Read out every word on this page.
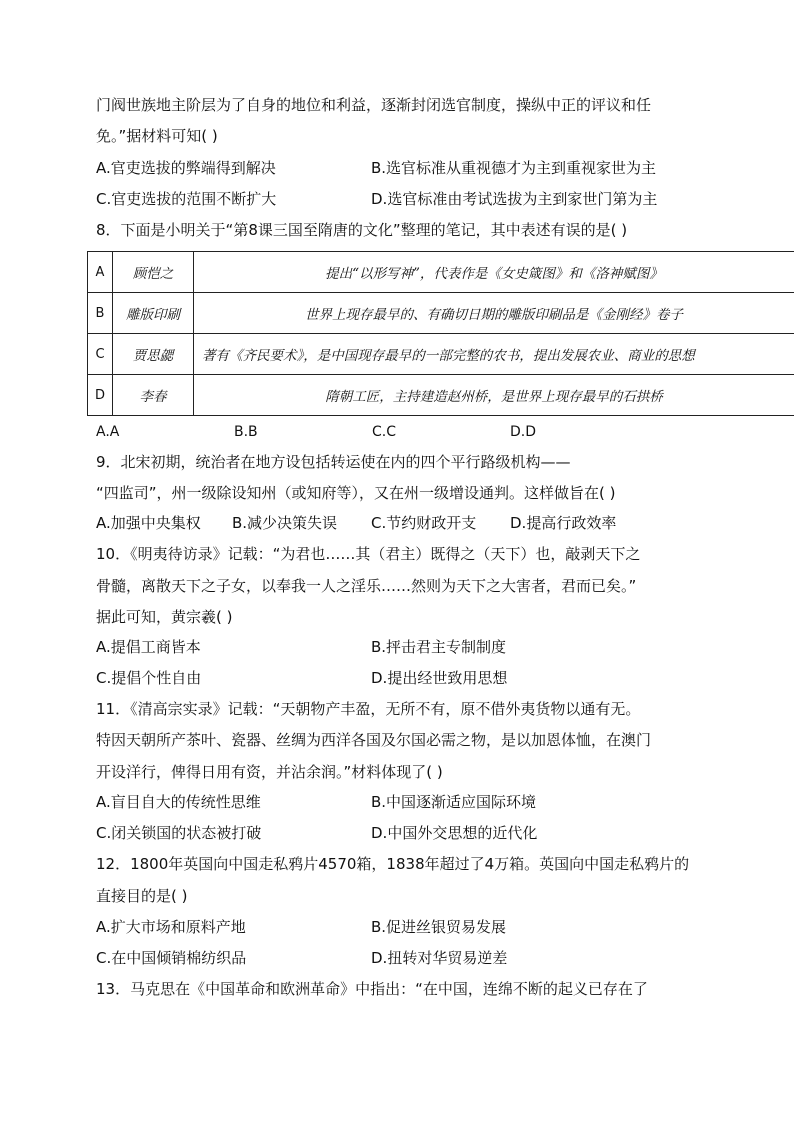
门阀世族地主阶层为了自身的地位和利益，逐渐封闭选官制度，操纵中正的评议和任
免。”据材料可知( )
A.官吏选拔的弊端得到解决	B.选官标准从重视德才为主到重视家世为主
C.官吏选拔的范围不断扩大	D.选官标准由考试选拔为主到家世门第为主
8．下面是小明关于“第8课三国至隋唐的文化”整理的笔记，其中表述有误的是( )
A	顾恺之	提出“以形写神”，代表作是《女史箴图》和《洛神赋图》
B	雕版印刷	世界上现存最早的、有确切日期的雕版印刷品是《金刚经》卷子
C	贾思勰	著有《齐民要术》，是中国现存最早的一部完整的农书，提出发展农业、商业的思想
D	李春	隋朝工匠，主持建造赵州桥，是世界上现存最早的石拱桥
A.A	B.B	C.C	D.D
9．北宋初期，统治者在地方设包括转运使在内的四个平行路级机构——
“四监司”，州一级除设知州（或知府等），又在州一级增设通判。这样做旨在( )
A.加强中央集权 B.减少决策失误 C.节约财政开支 D.提高行政效率
10．《明夷待访录》记载：“为君也……其（君主）既得之（天下）也，敲剥天下之
骨髓，离散天下之子女，以奉我一人之淫乐……然则为天下之大害者，君而已矣。”
据此可知，黄宗羲( )
A.提倡工商皆本	B.抨击君主专制制度
C.提倡个性自由	D.提出经世致用思想
11．《清高宗实录》记载：“天朝物产丰盈，无所不有，原不借外夷货物以通有无。
特因天朝所产茶叶、瓷器、丝绸为西洋各国及尔国必需之物，是以加恩体恤，在澳门
开设洋行，俾得日用有资，并沾余润。”材料体现了( )
A.盲目自大的传统性思维	B.中国逐渐适应国际环境
C.闭关锁国的状态被打破	D.中国外交思想的近代化
12．1800年英国向中国走私鸦片4570箱，1838年超过了4万箱。英国向中国走私鸦片的
直接目的是( )
A.扩大市场和原料产地	B.促进丝银贸易发展
C.在中国倾销棉纺织品	D.扭转对华贸易逆差
13．马克思在《中国革命和欧洲革命》中指出：“在中国，连绵不断的起义已存在了
